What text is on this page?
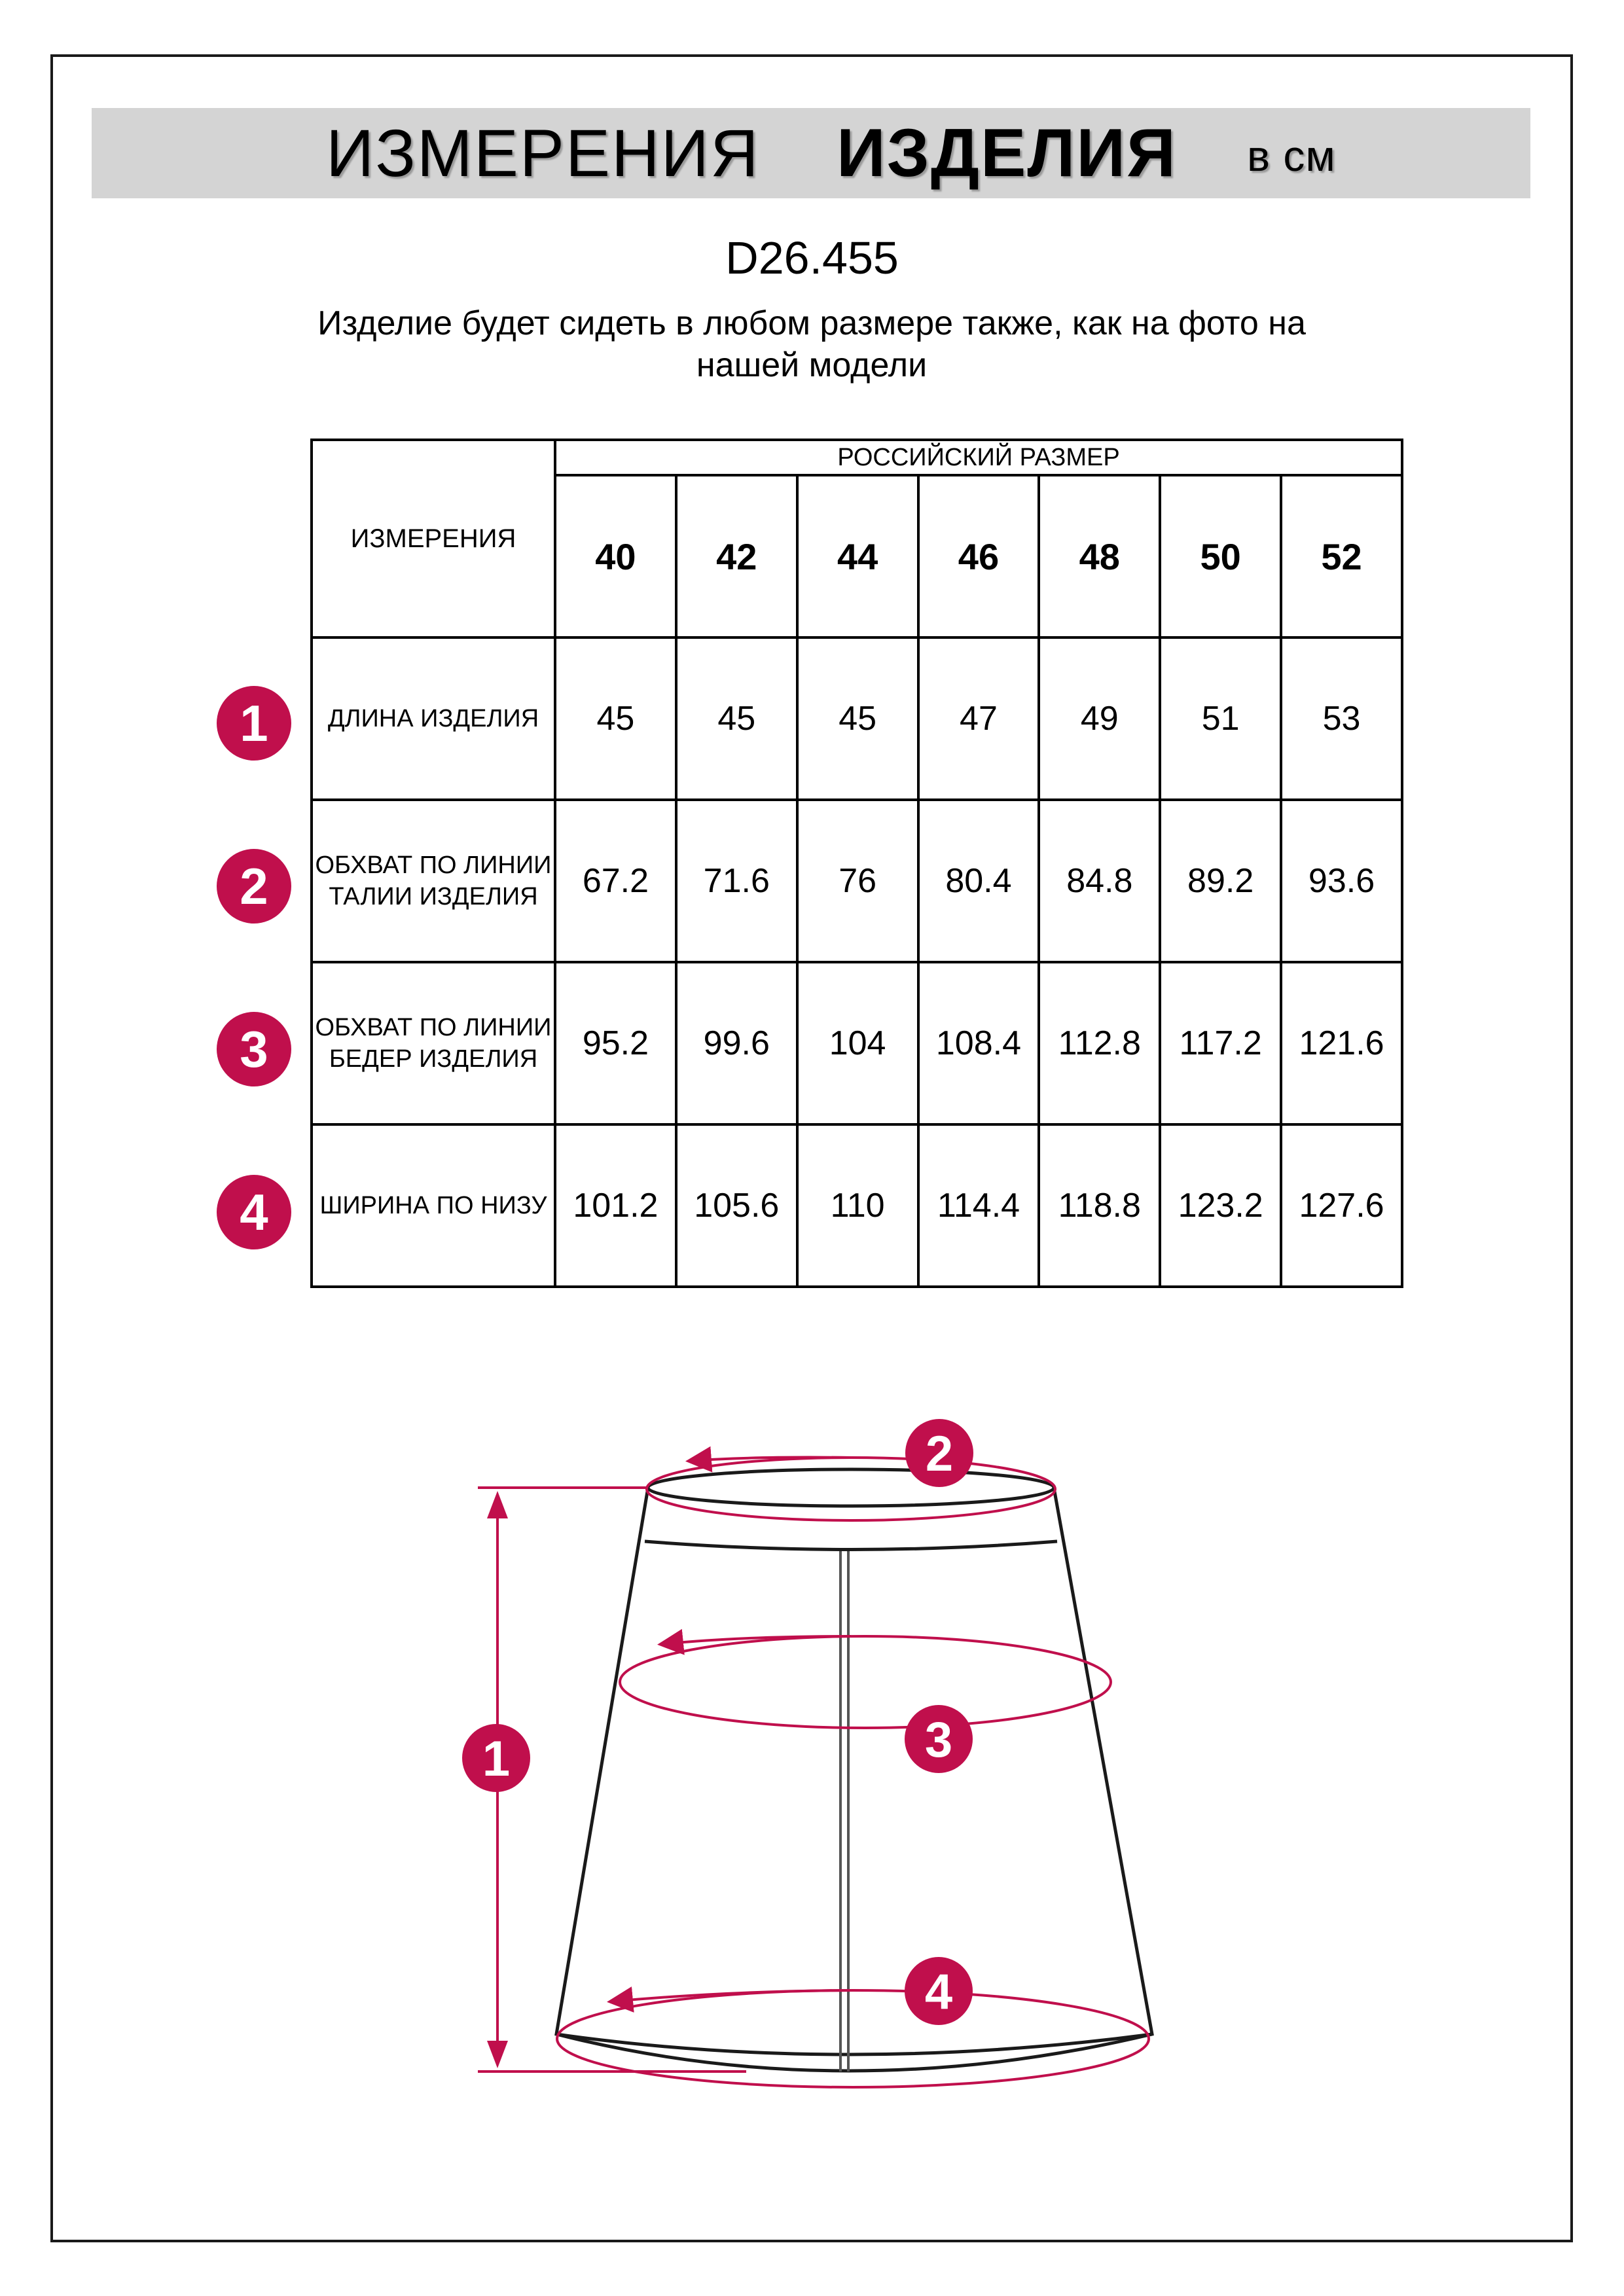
ИЗМЕРЕНИЯ ИЗДЕЛИЯ в см
D26.455
Изделие будет сидеть в любом размере также, как на фото на нашей модели
ИЗМЕРЕНИЯ	РОССИЙСКИЙ РАЗМЕР						
	40	42	44	46	48	50	52
ДЛИНА ИЗДЕЛИЯ	45	45	45	47	49	51	53
ОБХВАТ ПО ЛИНИИ ТАЛИИ ИЗДЕЛИЯ	67.2	71.6	76	80.4	84.8	89.2	93.6
ОБХВАТ ПО ЛИНИИ БЕДЕР ИЗДЕЛИЯ	95.2	99.6	104	108.4	112.8	117.2	121.6
ШИРИНА ПО НИЗУ	101.2	105.6	110	114.4	118.8	123.2	127.6
1
2
3
4
1
2
3
4
